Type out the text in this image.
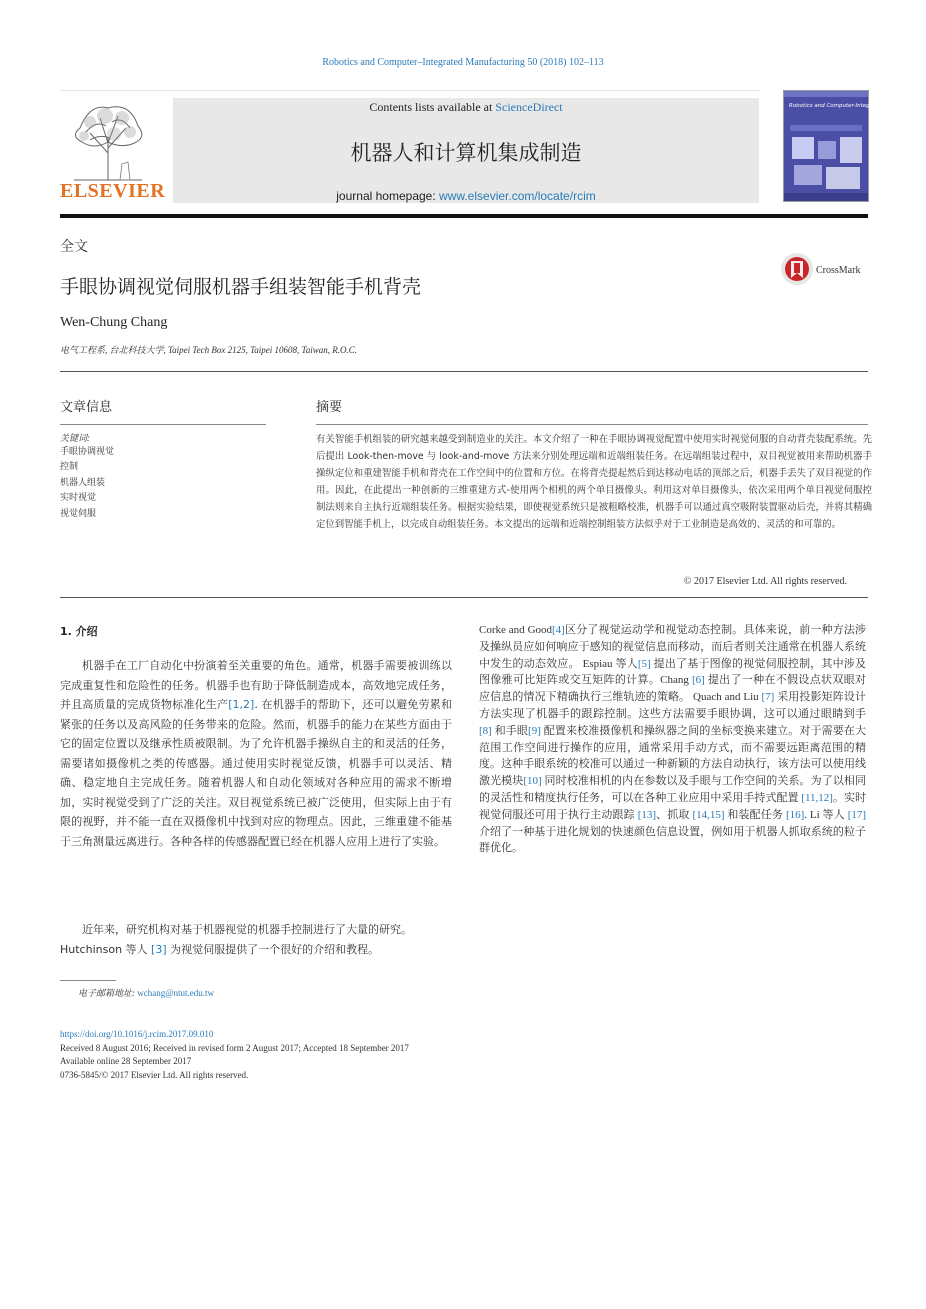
Robotics and Computer–Integrated Manufacturing 50 (2018) 102–113
ELSEVIER
Contents lists available at ScienceDirect
机器人和计算机集成制造
journal homepage: www.elsevier.com/locate/rcim
Robotics and Computer-Integrated Manufacturing
全文
手眼协调视觉伺服机器手组装智能手机背壳
CrossMark
Wen-Chung Chang
电气工程系, 台北科技大学, Taipei Tech Box 2125, Taipei 10608, Taiwan, R.O.C.
文章信息	摘要
关键词:
手眼协调视觉
控制
机器人组装
实时视觉
视觉伺服
有关智能手机组装的研究越来越受到制造业的关注。本文介绍了一种在手眼协调视觉配置中使用实时视觉伺服的自动背壳装配系统。先后提出 Look-then-move 与 look-and-move 方法来分别处理远端和近端组装任务。在远端组装过程中，双目视觉被用来帮助机器手操纵定位和重建智能手机和背壳在工作空间中的位置和方位。在将背壳提起然后到达移动电话的顶部之后，机器手丢失了双目视觉的作用。因此，在此提出一种创新的三维重建方式-使用两个相机的两个单目摄像头。利用这对单目摄像头，依次采用两个单目视觉伺服控制法则来自主执行近端组装任务。根据实验结果，即使视觉系统只是被粗略校准，机器手可以通过真空吸附装置驱动后壳，并将其精确定位到智能手机上，以完成自动组装任务。本文提出的远端和近端控制组装方法似乎对于工业制造是高效的、灵活的和可靠的。
© 2017 Elsevier Ltd. All rights reserved.
1. 介绍
机器手在工厂自动化中扮演着至关重要的角色。通常，机器手需要被训练以完成重复性和危险性的任务。机器手也有助于降低制造成本，高效地完成任务，并且高质量的完成货物标准化生产[1,2]. 在机器手的帮助下，还可以避免劳累和紧张的任务以及高风险的任务带来的危险。然而，机器手的能力在某些方面由于它的固定位置以及继承性质被限制。为了允许机器手操纵自主的和灵活的任务，需要诸如摄像机之类的传感器。通过使用实时视觉反馈，机器手可以灵活、精确、稳定地自主完成任务。随着机器人和自动化领域对各种应用的需求不断增加，实时视觉受到了广泛的关注。双目视觉系统已被广泛使用，但实际上由于有限的视野，并不能一直在双摄像机中找到对应的物理点。因此，三维重建不能基于三角测量远离进行。各种各样的传感器配置已经在机器人应用上进行了实验。
近年来，研究机构对基于机器视觉的机器手控制进行了大量的研究。Hutchinson 等人 [3] 为视觉伺服提供了一个很好的介绍和教程。
Corke and Good[4]区分了视觉运动学和视觉动态控制。具体来说，前一种方法涉及操纵员应如何响应于感知的视觉信息而移动，而后者则关注通常在机器人系统中发生的动态效应。 Espiau 等人[5] 提出了基于图像的视觉伺服控制，其中涉及图像雅可比矩阵或交互矩阵的计算。Chang [6] 提出了一种在不假设点状双眼对应信息的情况下精确执行三维轨迹的策略。 Quach and Liu [7] 采用投影矩阵设计方法实现了机器手的跟踪控制。这些方法需要手眼协调，这可以通过眼睛到手 [8] 和手眼[9] 配置来校准摄像机和操纵器之间的坐标变换来建立。对于需要在大范围工作空间进行操作的应用，通常采用手动方式，而不需要远距离范围的精度。这种手眼系统的校准可以通过一种新颖的方法自动执行，该方法可以使用线激光模块[10] 同时校准相机的内在参数以及手眼与工作空间的关系。为了以相同的灵活性和精度执行任务，可以在各种工业应用中采用手持式配置 [11,12]。实时视觉伺服还可用于执行主动跟踪 [13]、抓取 [14,15] 和装配任务 [16]. Li 等人 [17] 介绍了一种基于进化规划的快速颜色信息设置，例如用于机器人抓取系统的粒子群优化。
电子邮箱地址: wchang@ntut.edu.tw
https://doi.org/10.1016/j.rcim.2017.09.010
Received 8 August 2016; Received in revised form 2 August 2017; Accepted 18 September 2017
Available online 28 September 2017
0736-5845/© 2017 Elsevier Ltd. All rights reserved.
